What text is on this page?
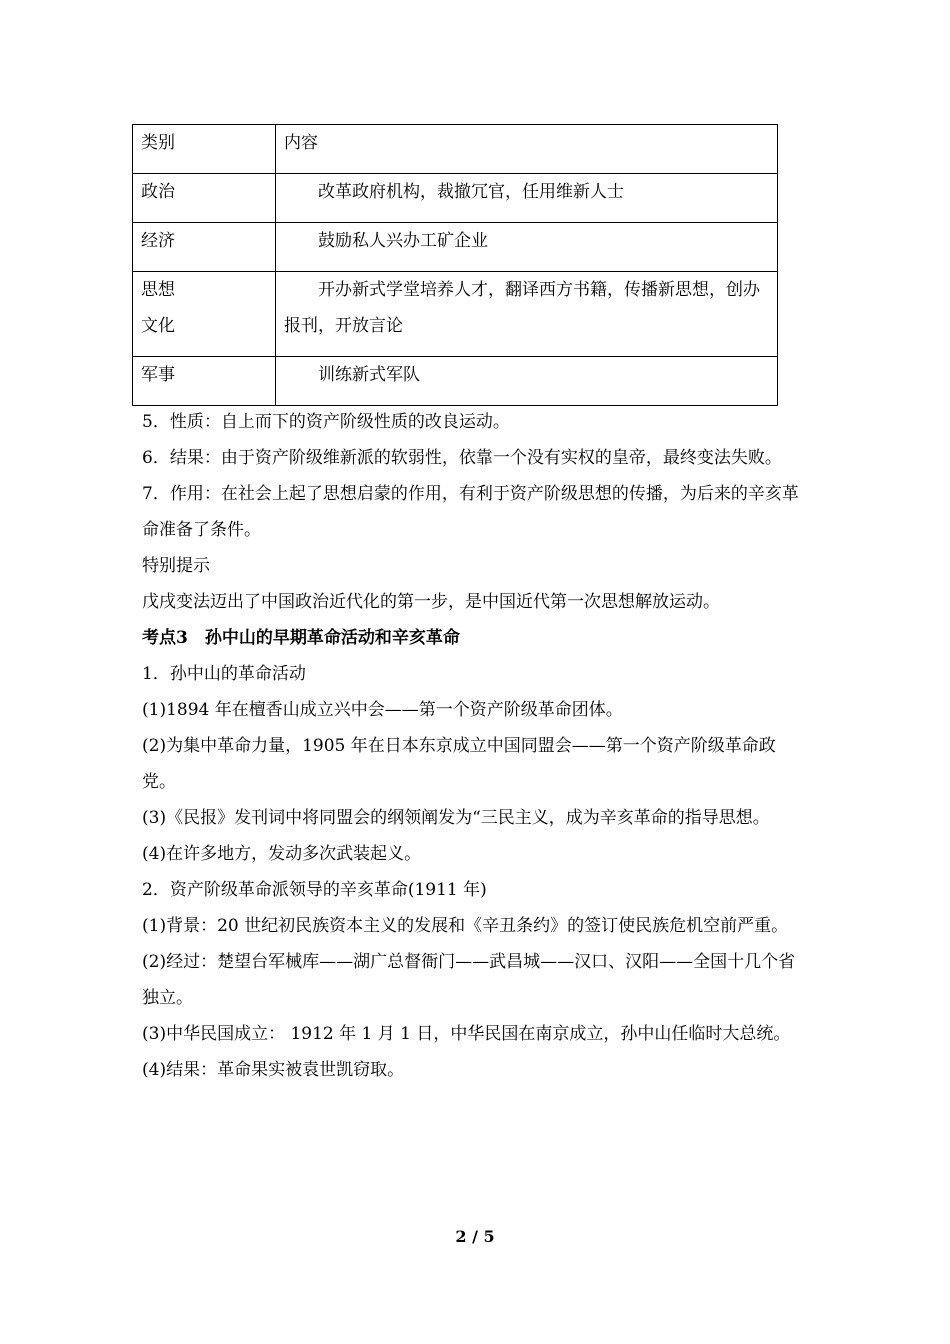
类别	内容
政治	改革政府机构，裁撤冗官，任用维新人士
经济	鼓励私人兴办工矿企业

思想
文化	开办新式学堂培养人才，翻译西方书籍，传播新思想，创办报刊，开放言论
军事	训练新式军队

5．性质：自上而下的资产阶级性质的改良运动。

6．结果：由于资产阶级维新派的软弱性，依靠一个没有实权的皇帝，最终变法失败。

7．作用：在社会上起了思想启蒙的作用，有利于资产阶级思想的传播，为后来的辛亥革命准备了条件。

特别提示

戊戌变法迈出了中国政治近代化的第一步，是中国近代第一次思想解放运动。

考点3　孙中山的早期革命活动和辛亥革命

1．孙中山的革命活动

(1)1894 年在檀香山成立兴中会——第一个资产阶级革命团体。

(2)为集中革命力量，1905 年在日本东京成立中国同盟会——第一个资产阶级革命政党。

(3)《民报》发刊词中将同盟会的纲领阐发为“三民主义，成为辛亥革命的指导思想。

(4)在许多地方，发动多次武装起义。

2．资产阶级革命派领导的辛亥革命(1911 年)

(1)背景：20 世纪初民族资本主义的发展和《辛丑条约》的签订使民族危机空前严重。

(2)经过：楚望台军械库——湖广总督衙门——武昌城——汉口、汉阳——全国十几个省独立。

(3)中华民国成立： 1912 年 1 月 1 日，中华民国在南京成立，孙中山任临时大总统。

(4)结果：革命果实被袁世凯窃取。

2 / 5
